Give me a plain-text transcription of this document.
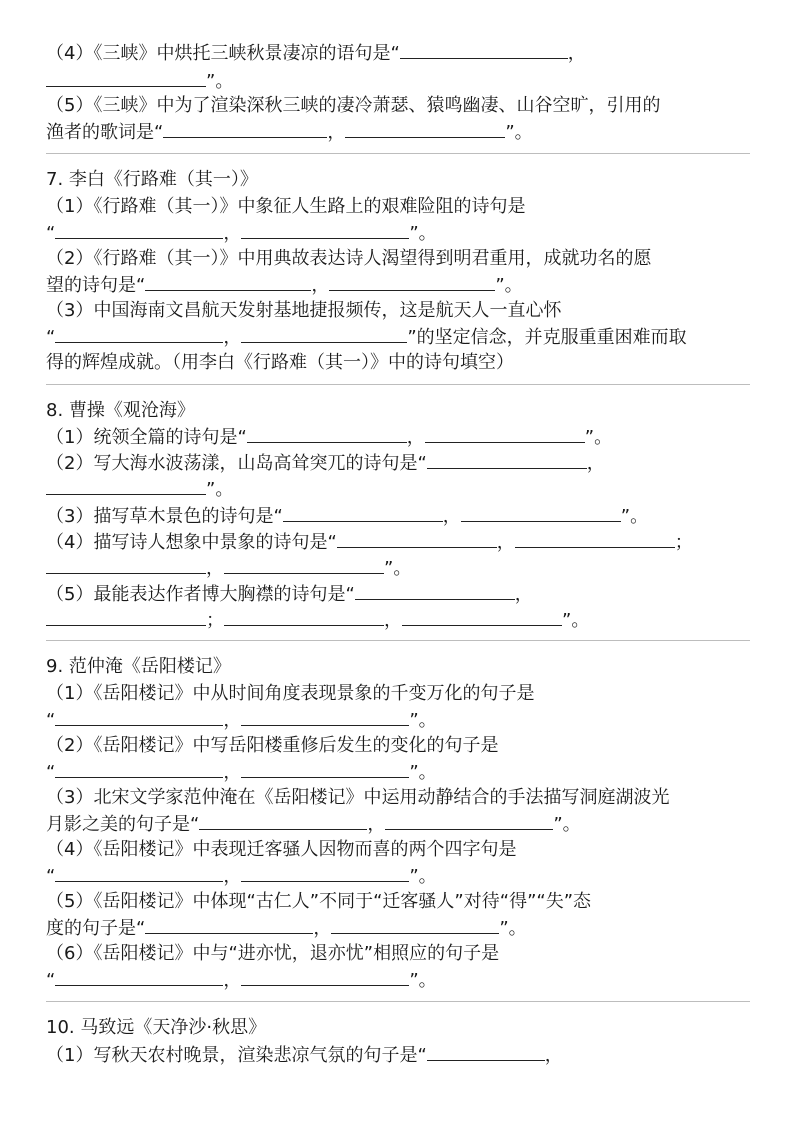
（4）《三峡》中烘托三峡秋景凄凉的语句是“	，
”。
（5）《三峡》中为了渲染深秋三峡的凄冷萧瑟、猿鸣幽凄、山谷空旷，引用的
渔者的歌词是“	，	”。
7. 李白《行路难（其一）》
（1）《行路难（其一）》中象征人生路上的艰难险阻的诗句是
“	，	”。
（2）《行路难（其一）》中用典故表达诗人渴望得到明君重用，成就功名的愿
望的诗句是“	，	”。
（3）中国海南文昌航天发射基地捷报频传，这是航天人一直心怀
“	，	”的坚定信念，并克服重重困难而取
得的辉煌成就。（用李白《行路难（其一）》中的诗句填空）
8. 曹操《观沧海》
（1）统领全篇的诗句是“	，	”。
（2）写大海水波荡漾，山岛高耸突兀的诗句是“	，
”。
（3）描写草木景色的诗句是“	，	”。
（4）描写诗人想象中景象的诗句是“	，	；
，	”。
（5）最能表达作者博大胸襟的诗句是“	，
；	，	”。
9. 范仲淹《岳阳楼记》
（1）《岳阳楼记》中从时间角度表现景象的千变万化的句子是
“	，	”。
（2）《岳阳楼记》中写岳阳楼重修后发生的变化的句子是
“	，	”。
（3）北宋文学家范仲淹在《岳阳楼记》中运用动静结合的手法描写洞庭湖波光
月影之美的句子是“	，	”。
（4）《岳阳楼记》中表现迁客骚人因物而喜的两个四字句是
“	，	”。
（5）《岳阳楼记》中体现“古仁人”不同于“迁客骚人”对待“得”“失”态
度的句子是“	，	”。
（6）《岳阳楼记》中与“进亦忧，退亦忧”相照应的句子是
“	，	”。
10. 马致远《天净沙·秋思》
（1）写秋天农村晚景，渲染悲凉气氛的句子是“	，
